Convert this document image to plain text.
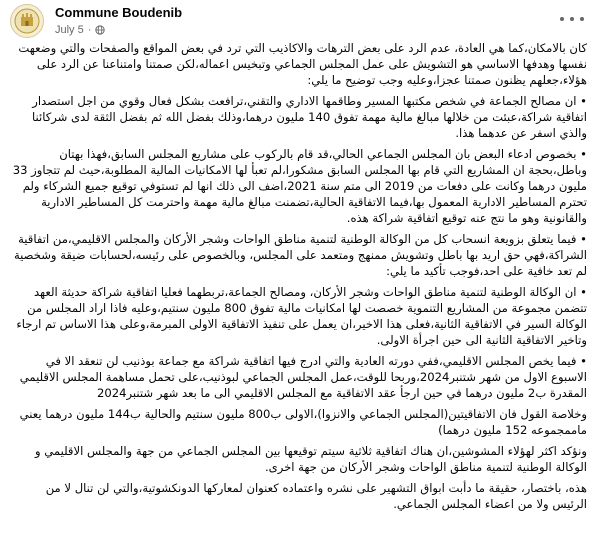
Commune Boudenib
July 5 ·

كان بالامكان،كما هي العادة، عدم الرد على بعض الترهات والاكاذيب التي ترد في بعض المواقع والصفحات والتي وضعهت نفسها وهدفها الاساسي هو التشويش على عمل المجلس الجماعي وتبخيس اعماله،لكن صمتنا وامتناعنا عن الرد على هؤلاء،جعلهم يظنون صمتنا عجزا،وعليه وجب توضيح ما يلي:

• ان مصالح الجماعة في شخص مكتبها المسير وطاقمها الاداري والتقني،ترافعت بشكل فعال وقوي من اجل استصدار اتفاقية شراكة،عبئت من خلالها مبالغ مالية مهمة تفوق 140 مليون درهما،وذلك بفضل الله ثم بفضل الثقة لدى شركائنا والذي اسفر عن عدهما هذا.

• بخصوص ادعاء البعض بان المجلس الجماعي الحالي،قد قام بالركوب على مشاريع المجلس السابق،فهذا بهتان وباطل،بحجة ان المشاريع التي قام بها المجلس السابق مشكورا،لم تعبأ لها الامكانيات المالية المطلوبة،حيث لم تتجاوز 33 مليون درهما وكانت على دفعات من 2019 الى متم سنة 2021،اضف الى ذلك انها لم تستوفي توقيع جميع الشركاء ولم تحترم المساطير الادارية المعمول بها،فيما الاتفاقية الحالية،تضمنت مبالغ مالية مهمة واحترمت كل المساطير الادارية والقانونية وهو ما نتج عنه توقيع اتفاقية شراكة هذه.

• فيما يتعلق بزويعة انسحاب كل من الوكالة الوطنية لتنمية مناطق الواحات وشجر الأركان والمجلس الاقليمي،من اتفاقية الشراكة،فهي حق اريد بها باطل وتشويش ممنهج ومتعمد على المجلس، وبالخصوص على رئيسه،لحسابات ضيقة وشخصية لم تعد خافية على احد،فوجب تأكيد ما يلي:

• ان الوكالة الوطنية لتنمية مناطق الواحات وشجر الأركان، ومصالح الجماعة،تربطهما فعليا اتفاقية شراكة حديثة العهد تتضمن مجموعة من المشاريع التنموية خصصت لها امكانيات مالية تفوق 800 مليون سنتيم،وعليه فاذا اراد المجلس من الوكالة السير في الاتفاقية الثانية،فعلى هذا الاخير،ان يعمل على تنفيذ الاتفاقية الاولى المبرمة،وعلى هذا الاساس تم ارجاء وتاخير الاتفاقية الثانية الى حين اجرأة الاولى.

• فيما يخص المجلس الاقليمي،ففي دورته العادية والتي ادرج فيها اتفاقية شراكة مع جماعة بوذنيب لن تنعقد الا في الاسبوع الاول من شهر شتنبر2024،وربحا للوقت،عمل المجلس الجماعي لبوذنيب،على تحمل مساهمة المجلس الاقليمي المقدرة ب2 مليون درهما في حين ارجأ عقد الاتفاقية مع المجلس الاقليمي الى ما بعد شهر شتنبر2024

وخلاصة القول فان الاتفاقيتين(المجلس الجماعي والانزوا)،الاولى ب800 مليون سنتيم والحالية ب144 مليون درهما يعني ماممجموعه 152 مليون درهما)

ونؤكد اكثر لهؤلاء المشوشين،ان هناك اتفاقية ثلاثية سيتم توقيعها بين المجلس الجماعي من جهة والمجلس الاقليمي و الوكالة الوطنية لتنمية مناطق الواحات وشجر الأركان من جهة اخرى.

هذه، باختصار، حقيقة ما دأبت ابواق التشهير على نشره واعتماده كعنوان لمعاركها الدونكشوتية،والتي لن تنال لا من الرئيس ولا من اعضاء المجلس الجماعي.
